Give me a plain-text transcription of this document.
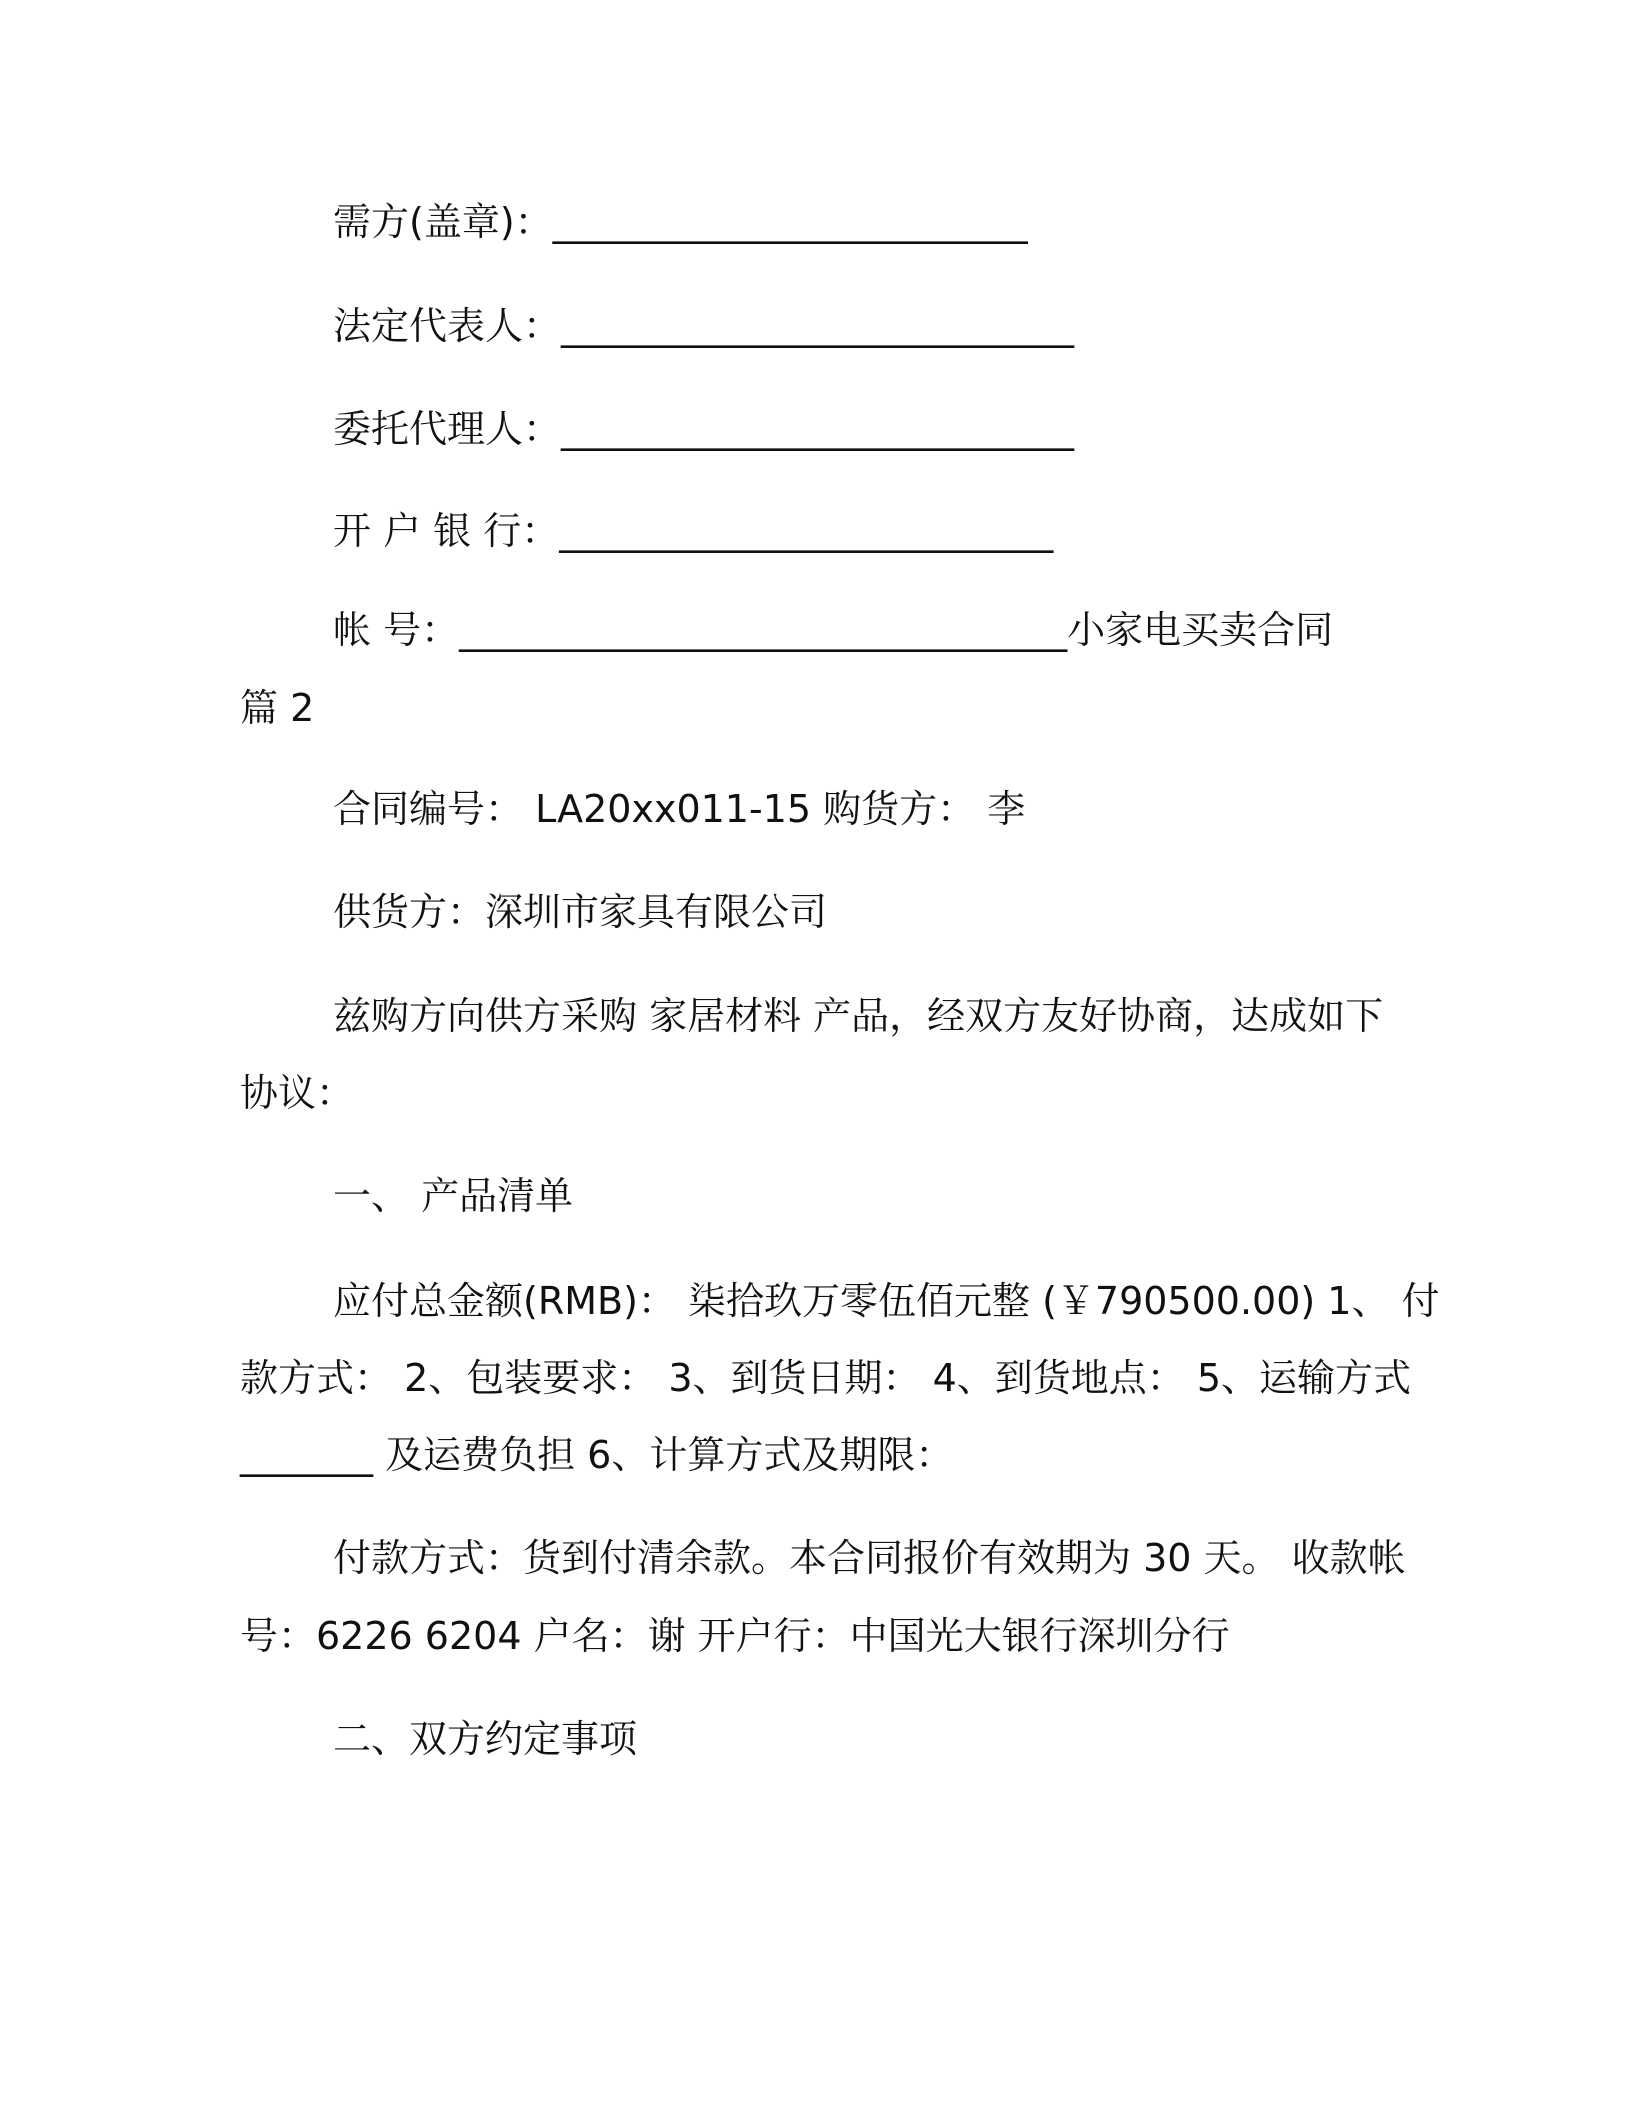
需方(盖章)：_________________________
法定代表人：___________________________
委托代理人：___________________________
开 户 银 行：__________________________
帐 号：________________________________小家电买卖合同
篇 2
合同编号： LA20xx011-15 购货方： 李
供货方：深圳市家具有限公司
兹购方向供方采购 家居材料 产品，经双方友好协商，达成如下
协议：
一、 产品清单
应付总金额(RMB)： 柒拾玖万零伍佰元整 (￥790500.00) 1、 付
款方式： 2、包装要求： 3、到货日期： 4、到货地点： 5、运输方式
_______ 及运费负担 6、计算方式及期限：
付款方式：货到付清余款。本合同报价有效期为 30 天。 收款帐
号：6226 6204 户名：谢 开户行：中国光大银行深圳分行
二、双方约定事项
